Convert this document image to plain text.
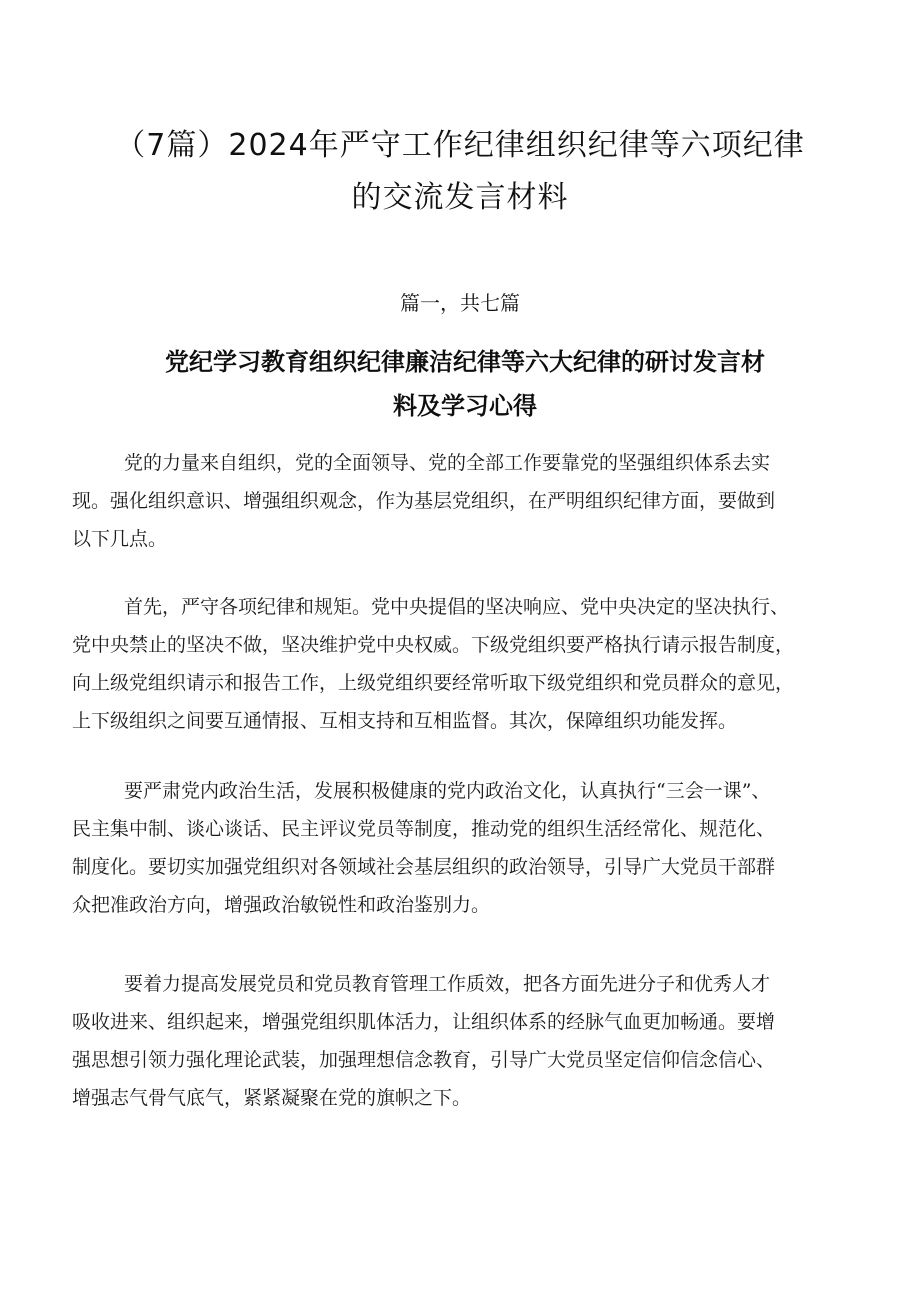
（7篇）2024年严守工作纪律组织纪律等六项纪律
的交流发言材料
篇一，共七篇
党纪学习教育组织纪律廉洁纪律等六大纪律的研讨发言材
料及学习心得
党的力量来自组织，党的全面领导、党的全部工作要靠党的坚强组织体系去实
现。强化组织意识、增强组织观念，作为基层党组织，在严明组织纪律方面，要做到
以下几点。
首先，严守各项纪律和规矩。党中央提倡的坚决响应、党中央决定的坚决执行、
党中央禁止的坚决不做，坚决维护党中央权威。下级党组织要严格执行请示报告制度，
向上级党组织请示和报告工作，上级党组织要经常听取下级党组织和党员群众的意见，
上下级组织之间要互通情报、互相支持和互相监督。其次，保障组织功能发挥。
要严肃党内政治生活，发展积极健康的党内政治文化，认真执行“三会一课”、
民主集中制、谈心谈话、民主评议党员等制度，推动党的组织生活经常化、规范化、
制度化。要切实加强党组织对各领域社会基层组织的政治领导，引导广大党员干部群
众把准政治方向，增强政治敏锐性和政治鉴别力。
要着力提高发展党员和党员教育管理工作质效，把各方面先进分子和优秀人才
吸收进来、组织起来，增强党组织肌体活力，让组织体系的经脉气血更加畅通。要增
强思想引领力强化理论武装，加强理想信念教育，引导广大党员坚定信仰信念信心、
增强志气骨气底气，紧紧凝聚在党的旗帜之下。
